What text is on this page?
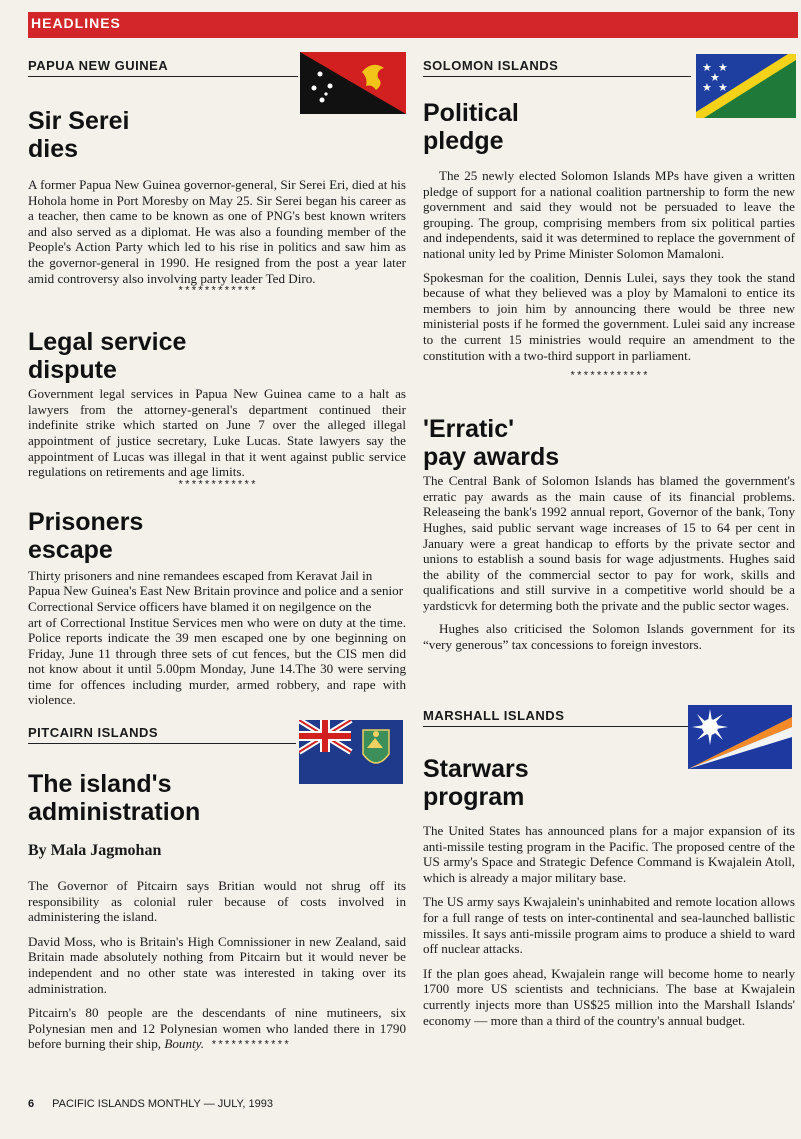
HEADLINES
PAPUA NEW GUINEA
Sir Serei
dies

A former Papua New Guinea governor-general, Sir Serei Eri, died at his Hohola home in Port Moresby on May 25. Sir Serei began his career as a teacher, then came to be known as one of PNG's best known writers and also served as a diplomat. He was also a founding member of the People's Action Party which led to his rise in politics and saw him as the governor-general in 1990. He resigned from the post a year later amid controversy also involving party leader Ted Diro.

************
Legal service
dispute

Government legal services in Papua New Guinea came to a halt as lawyers from the attorney-general's department continued their indefinite strike which started on June 7 over the alleged illegal appointment of justice secretary, Luke Lucas. State lawyers say the appointment of Lucas was illegal in that it went against public service regulations on retirements and age limits.

************
Prisoners
escape

Thirty prisoners and nine remandees escaped from Keravat Jail in Papua New Guinea's East New Britain province and police and a senior Correctional Service officers have blamed it on negilgence on the

art of Correctional Institue Services men who were on duty at the time. Police reports indicate the 39 men escaped one by one beginning on Friday, June 11 through three sets of cut fences, but the CIS men did not know about it until 5.00pm Monday, June 14.The 30 were serving time for offences including murder, armed robbery, and rape with violence.

PITCAIRN ISLANDS
The island's
administration
By Mala Jagmohan

The Governor of Pitcairn says Britian would not shrug off its responsibility as colonial ruler because of costs involved in administering the island.

David Moss, who is Britain's High Comnissioner in new Zealand, said Britain made absolutely nothing from Pitcairn but it would never be independent and no other state was interested in taking over its administration.

Pitcairn's 80 people are the descendants of nine mutineers, six Polynesian men and 12 Polynesian women who landed there in 1790 before burning their ship, Bounty. ************

SOLOMON ISLANDS
Political
pledge

The 25 newly elected Solomon Islands MPs have given a written pledge of support for a national coalition partnership to form the new government and said they would not be persuaded to leave the grouping. The group, comprising members from six political parties and independents, said it was determined to replace the government of national unity led by Prime Minister Solomon Mamaloni.

Spokesman for the coalition, Dennis Lulei, says they took the stand because of what they believed was a ploy by Mamaloni to entice its members to join him by announcing there would be three new ministerial posts if he formed the government. Lulei said any increase to the current 15 ministries would require an amendment to the constitution with a two-third support in parliament.

************
'Erratic'
pay awards

The Central Bank of Solomon Islands has blamed the government's erratic pay awards as the main cause of its financial problems. Releaseing the bank's 1992 annual report, Governor of the bank, Tony Hughes, said public servant wage increases of 15 to 64 per cent in January were a great handicap to efforts by the private sector and unions to establish a sound basis for wage adjustments. Hughes said the ability of the commercial sector to pay for work, skills and qualifications and still survive in a competitive world should be a yardsticvk for determing both the private and the public sector wages.

Hughes also criticised the Solomon Islands government for its “very generous” tax concessions to foreign investors.

MARSHALL ISLANDS
Starwars
program

The United States has announced plans for a major expansion of its anti-missile testing program in the Pacific. The proposed centre of the US army's Space and Strategic Defence Command is Kwajalein Atoll, which is already a major military base.

The US army says Kwajalein's uninhabited and remote location allows for a full range of tests on inter-continental and sea-launched ballistic missiles. It says anti-missile program aims to produce a shield to ward off nuclear attacks.

If the plan goes ahead, Kwajalein range will become home to nearly 1700 more US scientists and technicians. The base at Kwajalein currently injects more than US$25 million into the Marshall Islands' economy — more than a third of the country's annual budget.

★ ★
★
★ ★
6 PACIFIC ISLANDS MONTHLY — JULY, 1993
